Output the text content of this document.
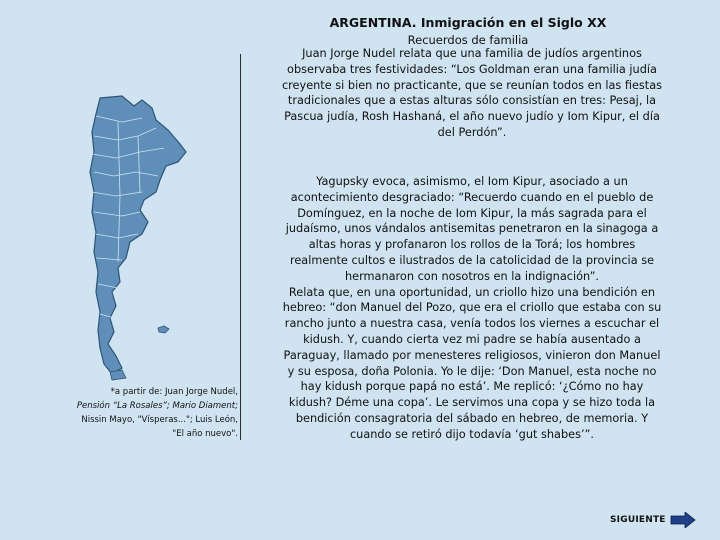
ARGENTINA. Inmigración en el Siglo XX
Recuerdos de familia
*a partir de: Juan Jorge Nudel,
Pensión “La Rosales”; Mario Diament;
Nissin Mayo, "Vísperas..."; Luis León,
"El año nuevo".
Juan Jorge Nudel relata que una familia de judíos argentinos
observaba tres festividades: “Los Goldman eran una familia judía
creyente si bien no practicante, que se reunían todos en las fiestas
tradicionales que a estas alturas sólo consistían en tres: Pesaj, la
Pascua judía, Rosh Hashaná, el año nuevo judío y Iom Kipur, el día
del Perdón”.
Yagupsky evoca, asimismo, el Iom Kipur, asociado a un
acontecimiento desgraciado: “Recuerdo cuando en el pueblo de
Domínguez, en la noche de Iom Kipur, la más sagrada para el
judaísmo, unos vándalos antisemitas penetraron en la sinagoga a
altas horas y profanaron los rollos de la Torá; los hombres
realmente cultos e ilustrados de la catolicidad de la provincia se
hermanaron con nosotros en la indignación”.
Relata que, en una oportunidad, un criollo hizo una bendición en
hebreo: “don Manuel del Pozo, que era el criollo que estaba con su
rancho junto a nuestra casa, venía todos los viernes a escuchar el
kidush. Y, cuando cierta vez mi padre se había ausentado a
Paraguay, llamado por menesteres religiosos, vinieron don Manuel
y su esposa, doña Polonia. Yo le dije: ‘Don Manuel, esta noche no
hay kidush porque papá no está’. Me replicó: ‘¿Cómo no hay
kidush? Déme una copa’. Le servimos una copa y se hizo toda la
bendición consagratoria del sábado en hebreo, de memoria. Y
cuando se retiró dijo todavía ‘gut shabes’”.
SIGUIENTE
